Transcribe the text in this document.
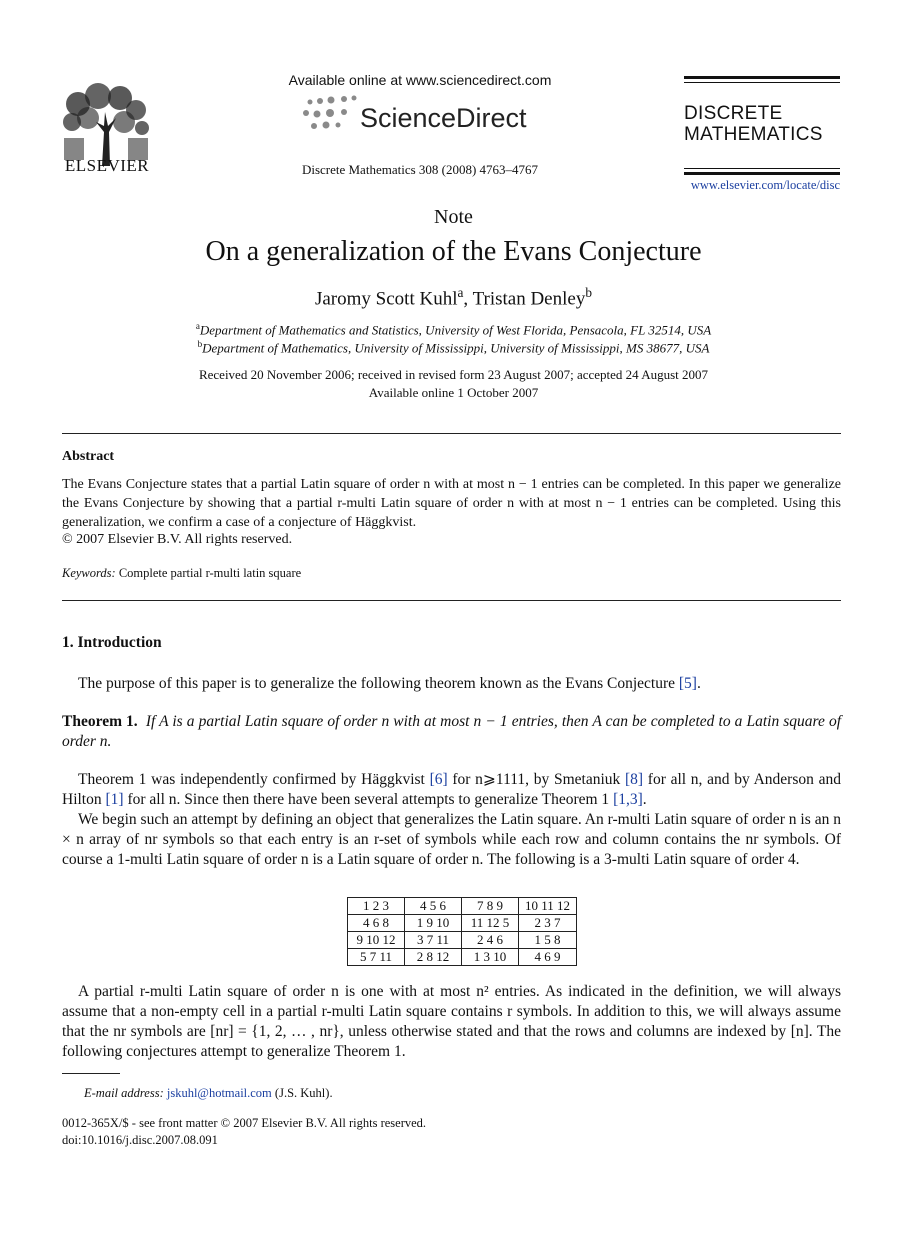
ELSEVIER
Available online at www.sciencedirect.com
ScienceDirect
Discrete Mathematics 308 (2008) 4763–4767
DISCRETE
MATHEMATICS
www.elsevier.com/locate/disc
Note
On a generalization of the Evans Conjecture
Jaromy Scott Kuhl$^a$, Tristan Denley$^b$
$^a$Department of Mathematics and Statistics, University of West Florida, Pensacola, FL 32514, USA
$^b$Department of Mathematics, University of Mississippi, University of Mississippi, MS 38677, USA
Received 20 November 2006; received in revised form 23 August 2007; accepted 24 August 2007
Available online 1 October 2007
Abstract
The Evans Conjecture states that a partial Latin square of order n with at most n − 1 entries can be completed. In this paper we generalize the Evans Conjecture by showing that a partial r-multi Latin square of order n with at most n − 1 entries can be completed. Using this generalization, we confirm a case of a conjecture of Häggkvist.
© 2007 Elsevier B.V. All rights reserved.
Keywords: Complete partial r-multi latin square
1. Introduction
The purpose of this paper is to generalize the following theorem known as the Evans Conjecture [5].
Theorem 1. If A is a partial Latin square of order n with at most n − 1 entries, then A can be completed to a Latin square of order n.
Theorem 1 was independently confirmed by Häggkvist [6] for n⩾1111, by Smetaniuk [8] for all n, and by Anderson and Hilton [1] for all n. Since then there have been several attempts to generalize Theorem 1 [1,3].
We begin such an attempt by defining an object that generalizes the Latin square. An r-multi Latin square of order n is an n × n array of nr symbols so that each entry is an r-set of symbols while each row and column contains the nr symbols. Of course a 1-multi Latin square of order n is a Latin square of order n. The following is a 3-multi Latin square of order 4.
1 2 3	4 5 6	7 8 9	10 11 12
4 6 8	1 9 10	11 12 5	2 3 7
9 10 12	3 7 11	2 4 6	1 5 8
5 7 11	2 8 12	1 3 10	4 6 9
A partial r-multi Latin square of order n is one with at most n² entries. As indicated in the definition, we will always assume that a non-empty cell in a partial r-multi Latin square contains r symbols. In addition to this, we will always assume that the nr symbols are [nr] = {1, 2, … , nr}, unless otherwise stated and that the rows and columns are indexed by [n]. The following conjectures attempt to generalize Theorem 1.
E-mail address: jskuhl@hotmail.com (J.S. Kuhl).
0012-365X/$ - see front matter © 2007 Elsevier B.V. All rights reserved.
doi:10.1016/j.disc.2007.08.091
